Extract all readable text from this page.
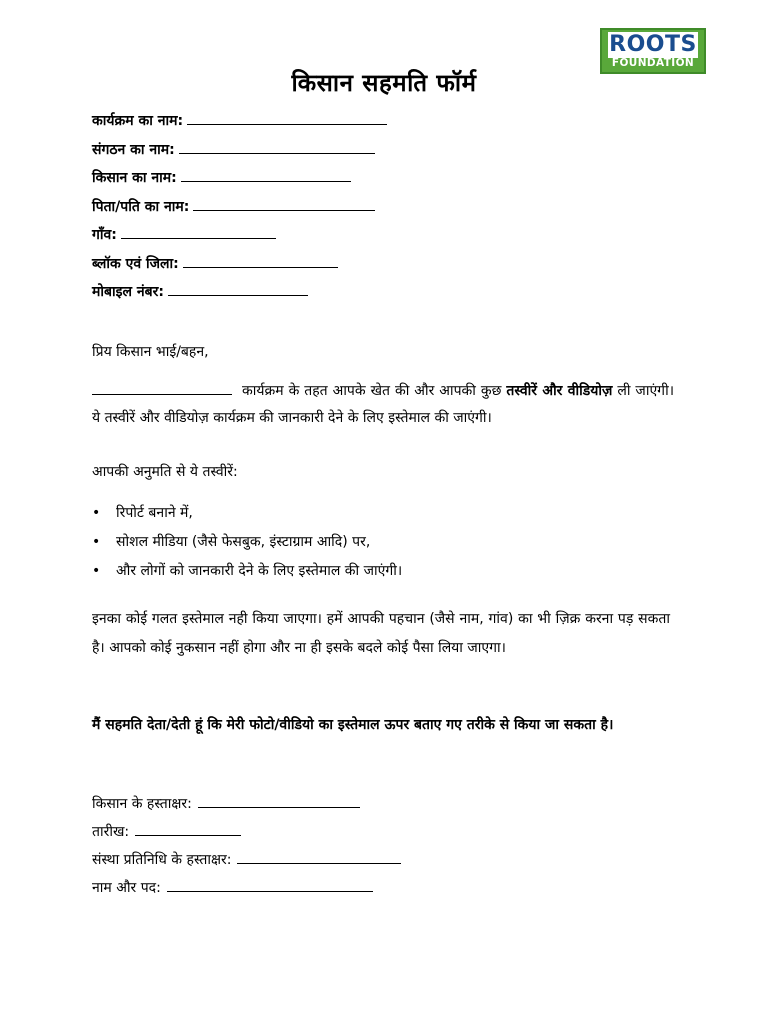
ROOTS
FOUNDATION
किसान सहमति फॉर्म
कार्यक्रम का नाम:
संगठन का नाम:
किसान का नाम:
पिता/पति का नाम:
गाँव:
ब्लॉक एवं जिला:
मोबाइल नंबर:
प्रिय किसान भाई/बहन,
कार्यक्रम के तहत आपके खेत की और आपकी कुछ तस्वीरें और वीडियोज़ ली जाएंगी। ये तस्वीरें और वीडियोज़ कार्यक्रम की जानकारी देने के लिए इस्तेमाल की जाएंगी।
आपकी अनुमति से ये तस्वीरें:
• रिपोर्ट बनाने में,
• सोशल मीडिया (जैसे फेसबुक, इंस्टाग्राम आदि) पर,
• और लोगों को जानकारी देने के लिए इस्तेमाल की जाएंगी।
इनका कोई गलत इस्तेमाल नही किया जाएगा। हमें आपकी पहचान (जैसे नाम, गांव) का भी ज़िक्र करना पड़ सकता है। आपको कोई नुकसान नहीं होगा और ना ही इसके बदले कोई पैसा लिया जाएगा।
मैं सहमति देता/देती हूं कि मेरी फोटो/वीडियो का इस्तेमाल ऊपर बताए गए तरीके से किया जा सकता है।
किसान के हस्ताक्षर:
तारीख:
संस्था प्रतिनिधि के हस्ताक्षर:
नाम और पद:
